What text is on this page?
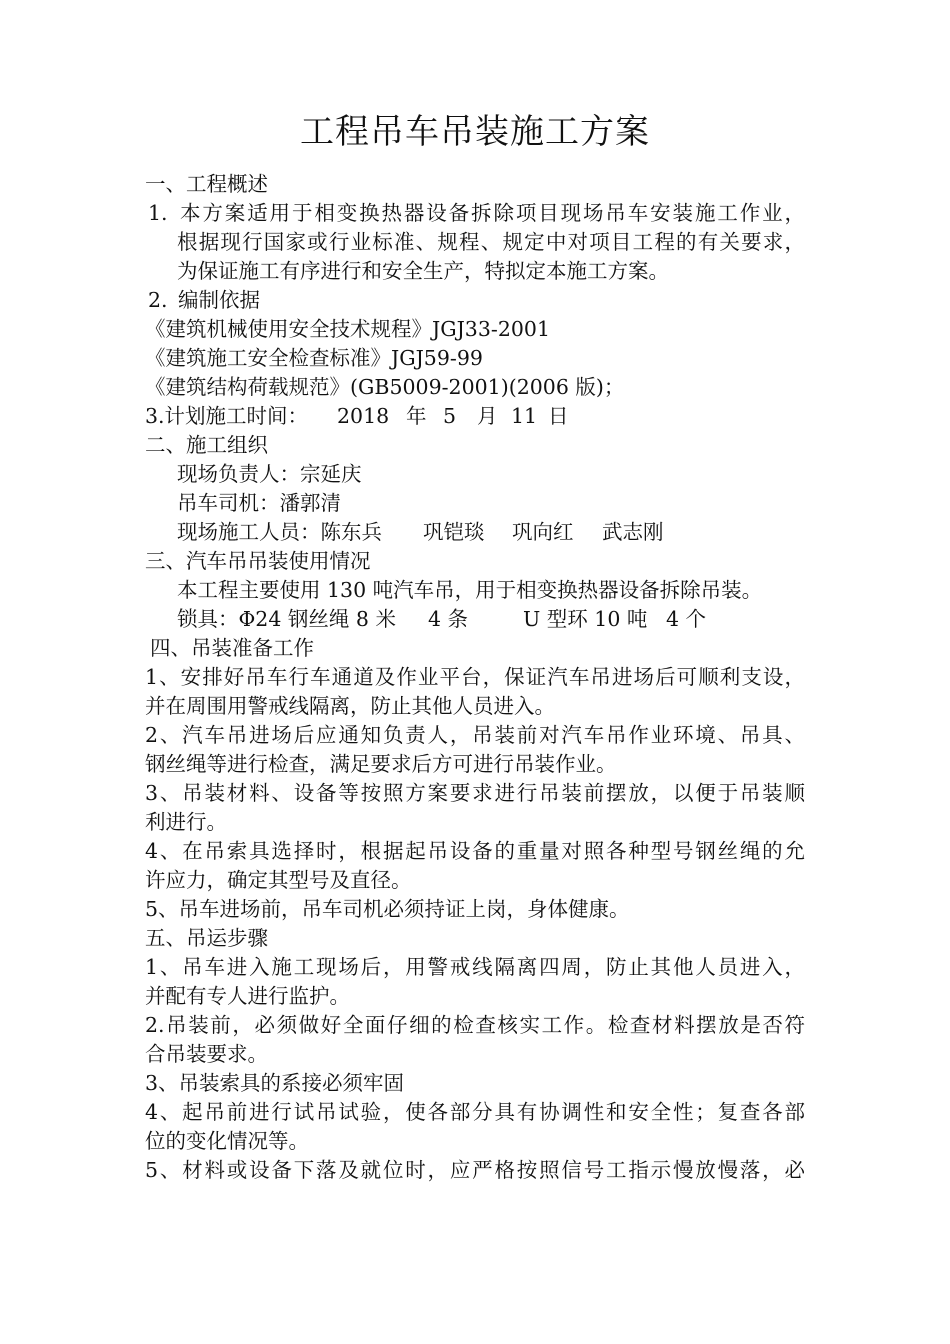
工程吊车吊装施工方案

一、工程概述

1. 本方案适用于相变换热器设备拆除项目现场吊车安装施工作业，

根据现行国家或行业标准、规程、规定中对项目工程的有关要求，

为保证施工有序进行和安全生产，特拟定本施工方案。

2. 编制依据

《建筑机械使用安全技术规程》JGJ33-2001

《建筑施工安全检查标准》JGJ59-99

《建筑结构荷载规范》(GB5009-2001)(2006 版)；

3.计划施工时间： 2018 年 5 月 11 日

二、施工组织

现场负责人：宗延庆

吊车司机：潘郭清

现场施工人员：陈东兵 巩铠琰 巩向红 武志刚

三、汽车吊吊装使用情况

本工程主要使用 130 吨汽车吊，用于相变换热器设备拆除吊装。

锁具：Φ24 钢丝绳 8 米 4 条	U 型环 10 吨 4 个

四、吊装准备工作

1、安排好吊车行车通道及作业平台，保证汽车吊进场后可顺利支设，

并在周围用警戒线隔离，防止其他人员进入。

2、汽车吊进场后应通知负责人，吊装前对汽车吊作业环境、吊具、

钢丝绳等进行检查，满足要求后方可进行吊装作业。

3、吊装材料、设备等按照方案要求进行吊装前摆放，以便于吊装顺

利进行。

4、在吊索具选择时，根据起吊设备的重量对照各种型号钢丝绳的允

许应力，确定其型号及直径。

5、吊车进场前，吊车司机必须持证上岗，身体健康。

五、吊运步骤

1、吊车进入施工现场后，用警戒线隔离四周，防止其他人员进入，

并配有专人进行监护。

2.吊装前，必须做好全面仔细的检查核实工作。检查材料摆放是否符

合吊装要求。

3、吊装索具的系接必须牢固

4、起吊前进行试吊试验，使各部分具有协调性和安全性；复查各部

位的变化情况等。

5、材料或设备下落及就位时，应严格按照信号工指示慢放慢落，必
